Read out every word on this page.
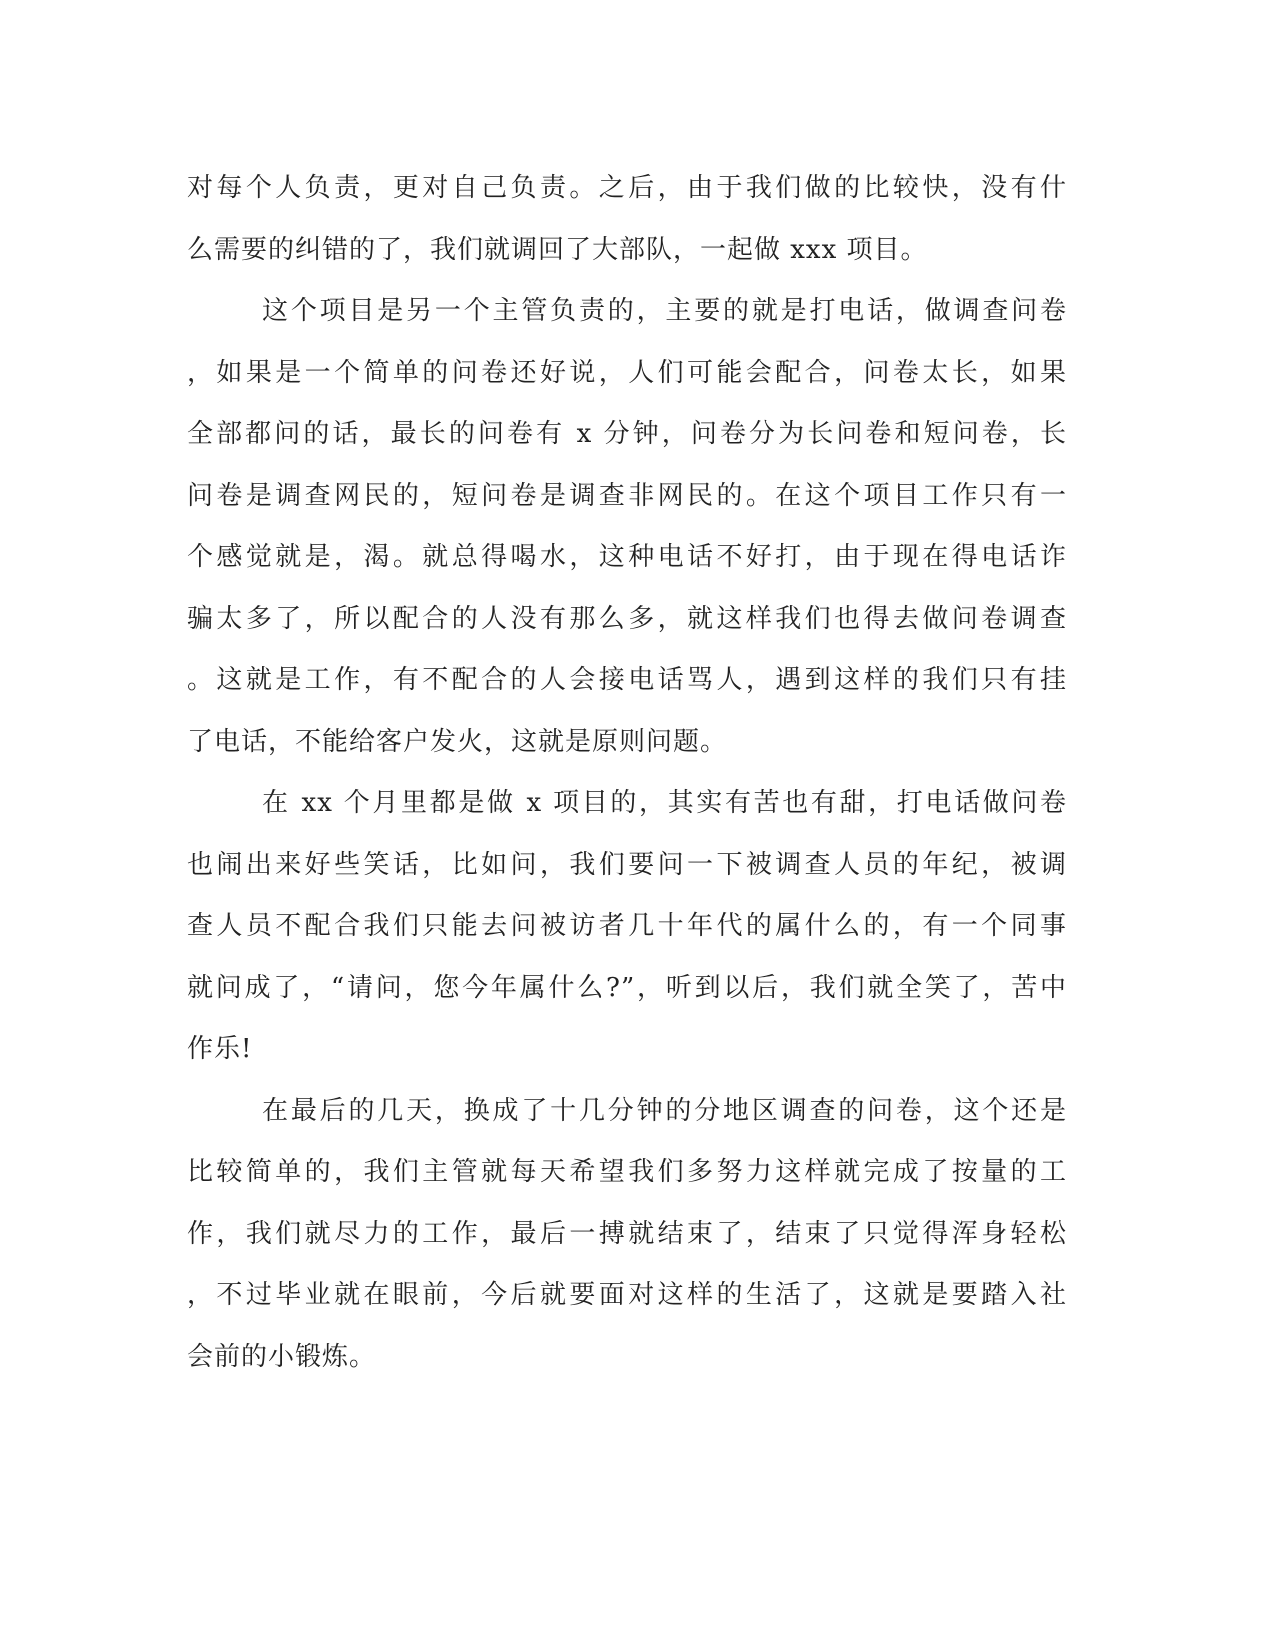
对每个人负责，更对自己负责。之后，由于我们做的比较快，没有什
么需要的纠错的了，我们就调回了大部队，一起做 xxx 项目。
这个项目是另一个主管负责的，主要的就是打电话，做调查问卷
，如果是一个简单的问卷还好说，人们可能会配合，问卷太长，如果
全部都问的话，最长的问卷有 x 分钟，问卷分为长问卷和短问卷，长
问卷是调查网民的，短问卷是调查非网民的。在这个项目工作只有一
个感觉就是，渴。就总得喝水，这种电话不好打，由于现在得电话诈
骗太多了，所以配合的人没有那么多，就这样我们也得去做问卷调查
。这就是工作，有不配合的人会接电话骂人，遇到这样的我们只有挂
了电话，不能给客户发火，这就是原则问题。
在 xx 个月里都是做 x 项目的，其实有苦也有甜，打电话做问卷
也闹出来好些笑话，比如问，我们要问一下被调查人员的年纪，被调
查人员不配合我们只能去问被访者几十年代的属什么的，有一个同事
就问成了，“请问，您今年属什么?”，听到以后，我们就全笑了，苦中
作乐!
在最后的几天，换成了十几分钟的分地区调查的问卷，这个还是
比较简单的，我们主管就每天希望我们多努力这样就完成了按量的工
作，我们就尽力的工作，最后一搏就结束了，结束了只觉得浑身轻松
，不过毕业就在眼前，今后就要面对这样的生活了，这就是要踏入社
会前的小锻炼。
